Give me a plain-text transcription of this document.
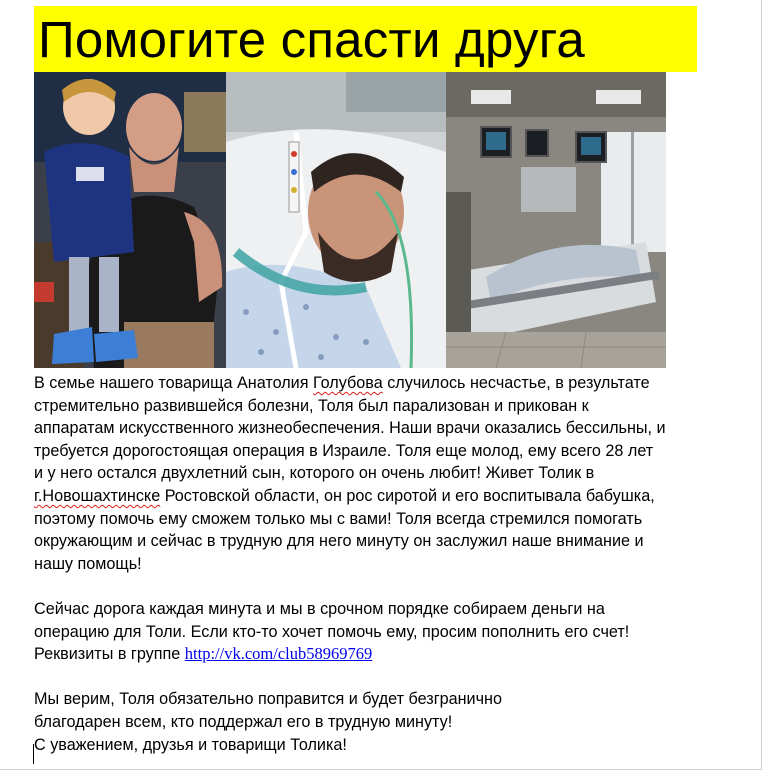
Помогите спасти друга
В семье нашего товарища Анатолия Голубова случилось несчастье, в результате
стремительно развившейся болезни, Толя был парализован и прикован к
аппаратам искусственного жизнеобеспечения. Наши врачи оказались бессильны, и
требуется дорогостоящая операция в Израиле. Толя еще молод, ему всего 28 лет
и у него остался двухлетний сын, которого он очень любит! Живет Толик в
г.Новошахтинске Ростовской области, он рос сиротой и его воспитывала бабушка,
поэтому помочь ему сможем только мы с вами! Толя всегда стремился помогать
окружающим и сейчас в трудную для него минуту он заслужил наше внимание и
нашу помощь!
Сейчас дорога каждая минута и мы в срочном порядке собираем деньги на
операцию для Толи. Если кто-то хочет помочь ему, просим пополнить его счет!
Реквизиты в группе http://vk.com/club58969769
Мы верим, Толя обязательно поправится и будет безгранично
благодарен всем, кто поддержал его в трудную минуту!
С уважением, друзья и товарищи Толика!
